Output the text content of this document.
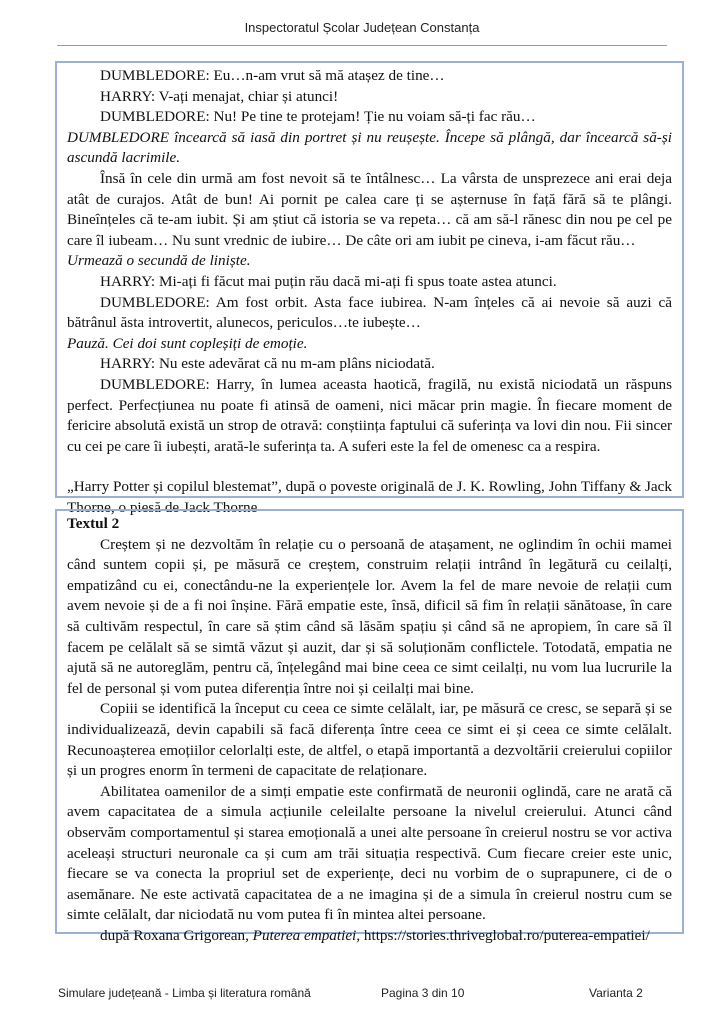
Inspectoratul Școlar Județean Constanța

DUMBLEDORE: Eu…n-am vrut să mă atașez de tine…

HARRY: V-ați menajat, chiar și atunci!

DUMBLEDORE: Nu! Pe tine te protejam! Ție nu voiam să-ți fac rău…

DUMBLEDORE încearcă să iasă din portret și nu reușește. Începe să plângă, dar încearcă să-și ascundă lacrimile.

Însă în cele din urmă am fost nevoit să te întâlnesc… La vârsta de unsprezece ani erai deja atât de curajos. Atât de bun! Ai pornit pe calea care ți se așternuse în față fără să te plângi. Bineînțeles că te-am iubit. Și am știut că istoria se va repeta… că am să-l rănesc din nou pe cel pe care îl iubeam… Nu sunt vrednic de iubire… De câte ori am iubit pe cineva, i-am făcut rău…

Urmează o secundă de liniște.

HARRY: Mi-ați fi făcut mai puțin rău dacă mi-ați fi spus toate astea atunci.

DUMBLEDORE: Am fost orbit. Asta face iubirea. N-am înțeles că ai nevoie să auzi că bătrânul ăsta introvertit, alunecos, periculos…te iubește…

Pauză. Cei doi sunt copleșiți de emoție.

HARRY: Nu este adevărat că nu m-am plâns niciodată.

DUMBLEDORE: Harry, în lumea aceasta haotică, fragilă, nu există niciodată un răspuns perfect. Perfecțiunea nu poate fi atinsă de oameni, nici măcar prin magie. În fiecare moment de fericire absolută există un strop de otravă: conștiința faptului că suferința va lovi din nou. Fii sincer cu cei pe care îi iubești, arată-le suferința ta. A suferi este la fel de omenesc ca a respira.

„Harry Potter și copilul blestemat”, după o poveste originală de J. K. Rowling, John Tiffany & Jack Thorne, o piesă de Jack Thorne

Textul 2

Creștem și ne dezvoltăm în relație cu o persoană de atașament, ne oglindim în ochii mamei când suntem copii și, pe măsură ce creștem, construim relații intrând în legătură cu ceilalți, empatizând cu ei, conectându-ne la experiențele lor. Avem la fel de mare nevoie de relații cum avem nevoie și de a fi noi înșine. Fără empatie este, însă, dificil să fim în relații sănătoase, în care să cultivăm respectul, în care să știm când să lăsăm spațiu și când să ne apropiem, în care să îl facem pe celălalt să se simtă văzut și auzit, dar și să soluționăm conflictele. Totodată, empatia ne ajută să ne autoreglăm, pentru că, înțelegând mai bine ceea ce simt ceilalți, nu vom lua lucrurile la fel de personal și vom putea diferenția între noi și ceilalți mai bine.

Copiii se identifică la început cu ceea ce simte celălalt, iar, pe măsură ce cresc, se separă și se individualizează, devin capabili să facă diferența între ceea ce simt ei și ceea ce simte celălalt. Recunoașterea emoțiilor celorlalți este, de altfel, o etapă importantă a dezvoltării creierului copiilor și un progres enorm în termeni de capacitate de relaționare.

Abilitatea oamenilor de a simți empatie este confirmată de neuronii oglindă, care ne arată că avem capacitatea de a simula acțiunile celeilalte persoane la nivelul creierului. Atunci când observăm comportamentul și starea emoțională a unei alte persoane în creierul nostru se vor activa aceleași structuri neuronale ca și cum am trăi situația respectivă. Cum fiecare creier este unic, fiecare se va conecta la propriul set de experiențe, deci nu vorbim de o suprapunere, ci de o asemănare. Ne este activată capacitatea de a ne imagina și de a simula în creierul nostru cum se simte celălalt, dar niciodată nu vom putea fi în mintea altei persoane.

după Roxana Grigorean, Puterea empatiei, https://stories.thriveglobal.ro/puterea-empatiei/

Simulare județeană - Limba și literatura română	Pagina 3 din 10	Varianta 2
